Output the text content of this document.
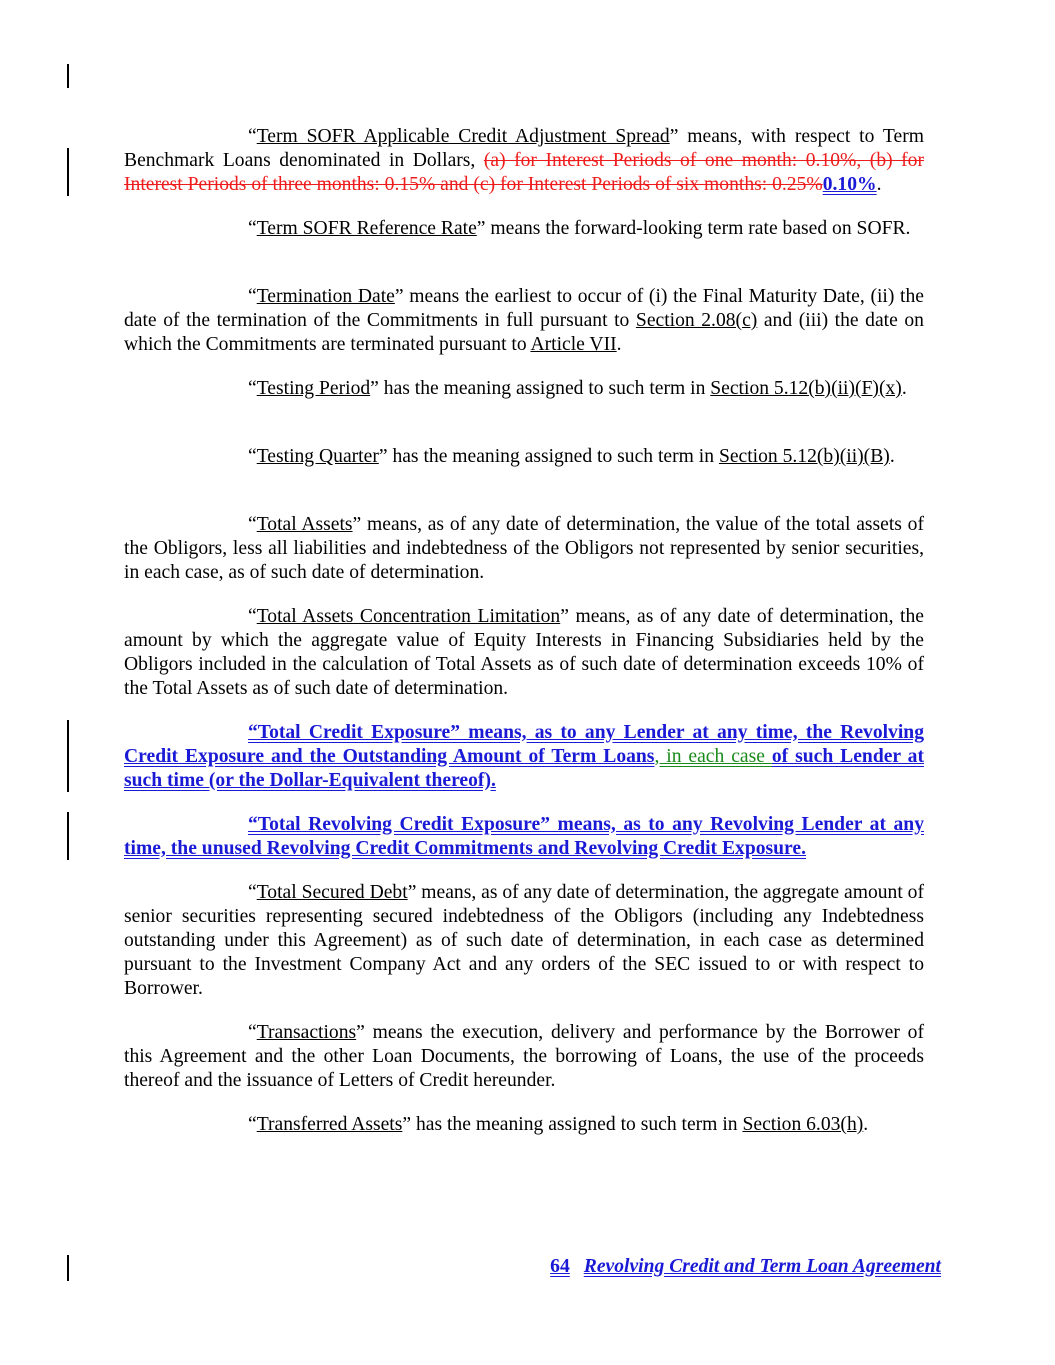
“Term SOFR Applicable Credit Adjustment Spread” means, with respect to Term Benchmark Loans denominated in Dollars, (a) for Interest Periods of one month: 0.10%, (b) for Interest Periods of three months: 0.15% and (c) for Interest Periods of six months: 0.25%0.10%.

“Term SOFR Reference Rate” means the forward-looking term rate based on SOFR.

“Termination Date” means the earliest to occur of (i) the Final Maturity Date, (ii) the date of the termination of the Commitments in full pursuant to Section 2.08(c) and (iii) the date on which the Commitments are terminated pursuant to Article VII.

“Testing Period” has the meaning assigned to such term in Section 5.12(b)(ii)(F)(x).

“Testing Quarter” has the meaning assigned to such term in Section 5.12(b)(ii)(B).

“Total Assets” means, as of any date of determination, the value of the total assets of the Obligors, less all liabilities and indebtedness of the Obligors not represented by senior securities, in each case, as of such date of determination.

“Total Assets Concentration Limitation” means, as of any date of determination, the amount by which the aggregate value of Equity Interests in Financing Subsidiaries held by the Obligors included in the calculation of Total Assets as of such date of determination exceeds 10% of the Total Assets as of such date of determination.

“Total Credit Exposure” means, as to any Lender at any time, the Revolving Credit Exposure and the Outstanding Amount of Term Loans, in each case of such Lender at such time (or the Dollar-Equivalent thereof).

“Total Revolving Credit Exposure” means, as to any Revolving Lender at any time, the unused Revolving Credit Commitments and Revolving Credit Exposure.

“Total Secured Debt” means, as of any date of determination, the aggregate amount of senior securities representing secured indebtedness of the Obligors (including any Indebtedness outstanding under this Agreement) as of such date of determination, in each case as determined pursuant to the Investment Company Act and any orders of the SEC issued to or with respect to Borrower.

“Transactions” means the execution, delivery and performance by the Borrower of this Agreement and the other Loan Documents, the borrowing of Loans, the use of the proceeds thereof and the issuance of Letters of Credit hereunder.

“Transferred Assets” has the meaning assigned to such term in Section 6.03(h).

64 Revolving Credit and Term Loan Agreement
